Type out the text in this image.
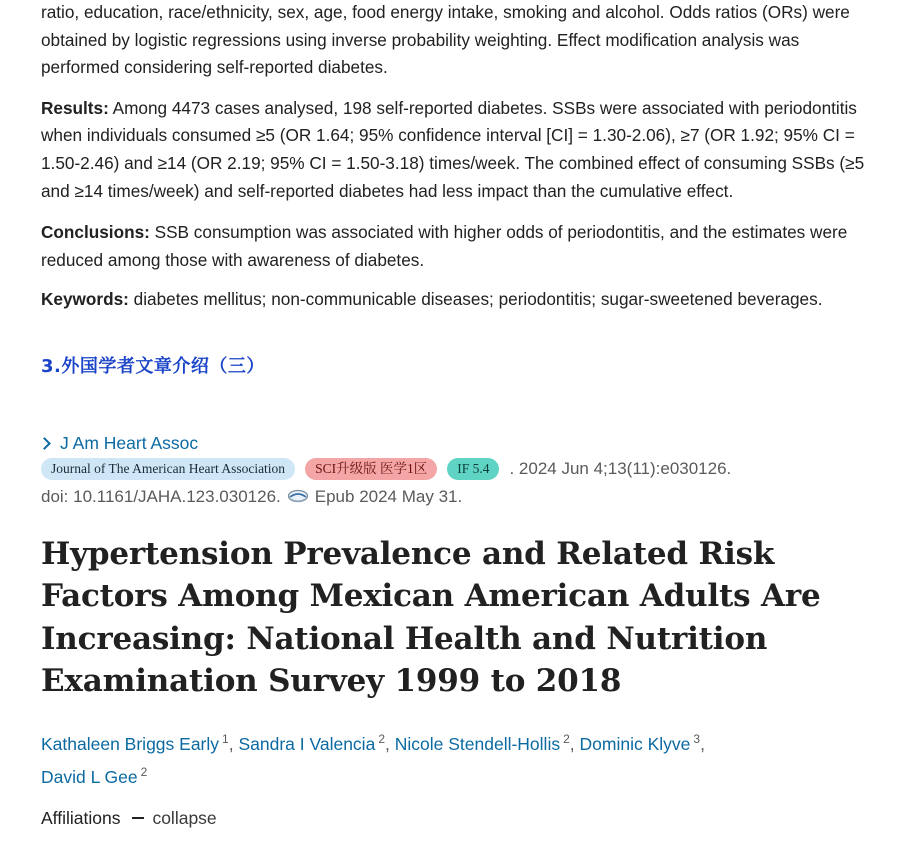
ratio, education, race/ethnicity, sex, age, food energy intake, smoking and alcohol. Odds ratios (ORs) were obtained by logistic regressions using inverse probability weighting. Effect modification analysis was performed considering self-reported diabetes.

Results: Among 4473 cases analysed, 198 self-reported diabetes. SSBs were associated with periodontitis when individuals consumed ≥5 (OR 1.64; 95% confidence interval [CI] = 1.30-2.06), ≥7 (OR 1.92; 95% CI = 1.50-2.46) and ≥14 (OR 2.19; 95% CI = 1.50-3.18) times/week. The combined effect of consuming SSBs (≥5 and ≥14 times/week) and self-reported diabetes had less impact than the cumulative effect.

Conclusions: SSB consumption was associated with higher odds of periodontitis, and the estimates were reduced among those with awareness of diabetes.

Keywords: diabetes mellitus; non-communicable diseases; periodontitis; sugar-sweetened beverages.

3.外国学者文章介绍（三）
J Am Heart Assoc
Journal of The American Heart Association	SCI升级版 医学1区	IF 5.4	. 2024 Jun 4;13(11):e030126.
doi: 10.1161/JAHA.123.030126. Epub 2024 May 31.
Hypertension Prevalence and Related Risk Factors Among Mexican American Adults Are Increasing: National Health and Nutrition Examination Survey 1999 to 2018
Kathaleen Briggs Early $^1$, Sandra I Valencia $^2$, Nicole Stendell-Hollis $^2$, Dominic Klyve $^3$,
David L Gee $^2$
Affiliations collapse
